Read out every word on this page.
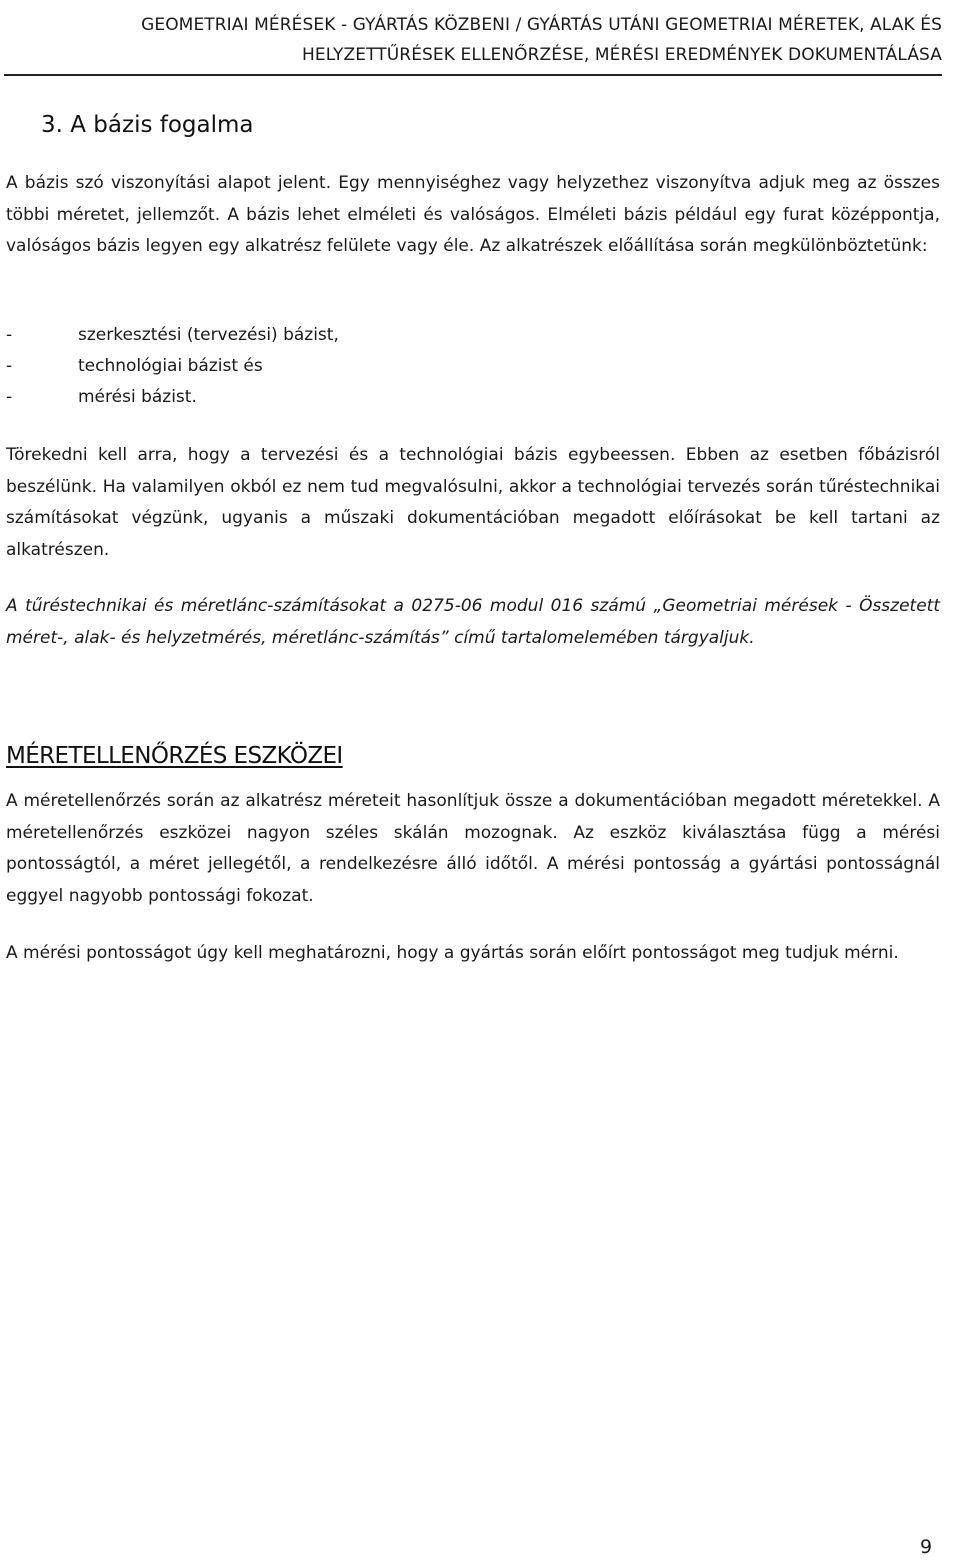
GEOMETRIAI MÉRÉSEK - GYÁRTÁS KÖZBENI / GYÁRTÁS UTÁNI GEOMETRIAI MÉRETEK, ALAK ÉS
HELYZETTŰRÉSEK ELLENŐRZÉSE, MÉRÉSI EREDMÉNYEK DOKUMENTÁLÁSA
3. A bázis fogalma

A bázis szó viszonyítási alapot jelent. Egy mennyiséghez vagy helyzethez viszonyítva adjuk meg az összes többi méretet, jellemzőt. A bázis lehet elméleti és valóságos. Elméleti bázis például egy furat középpontja, valóságos bázis legyen egy alkatrész felülete vagy éle. Az alkatrészek előállítása során megkülönböztetünk:

-	szerkesztési (tervezési) bázist,
-	technológiai bázist és
-	mérési bázist.

Törekedni kell arra, hogy a tervezési és a technológiai bázis egybeessen. Ebben az esetben főbázisról beszélünk. Ha valamilyen okból ez nem tud megvalósulni, akkor a technológiai tervezés során tűréstechnikai számításokat végzünk, ugyanis a műszaki dokumentációban megadott előírásokat be kell tartani az alkatrészen.

A tűréstechnikai és méretlánc-számításokat a 0275-06 modul 016 számú „Geometriai mérések - Összetett méret-, alak- és helyzetmérés, méretlánc-számítás” című tartalomelemében tárgyaljuk.

MÉRETELLENŐRZÉS ESZKÖZEI

A méretellenőrzés során az alkatrész méreteit hasonlítjuk össze a dokumentációban megadott méretekkel. A méretellenőrzés eszközei nagyon széles skálán mozognak. Az eszköz kiválasztása függ a mérési pontosságtól, a méret jellegétől, a rendelkezésre álló időtől. A mérési pontosság a gyártási pontosságnál eggyel nagyobb pontossági fokozat.

A mérési pontosságot úgy kell meghatározni, hogy a gyártás során előírt pontosságot meg tudjuk mérni.

9
